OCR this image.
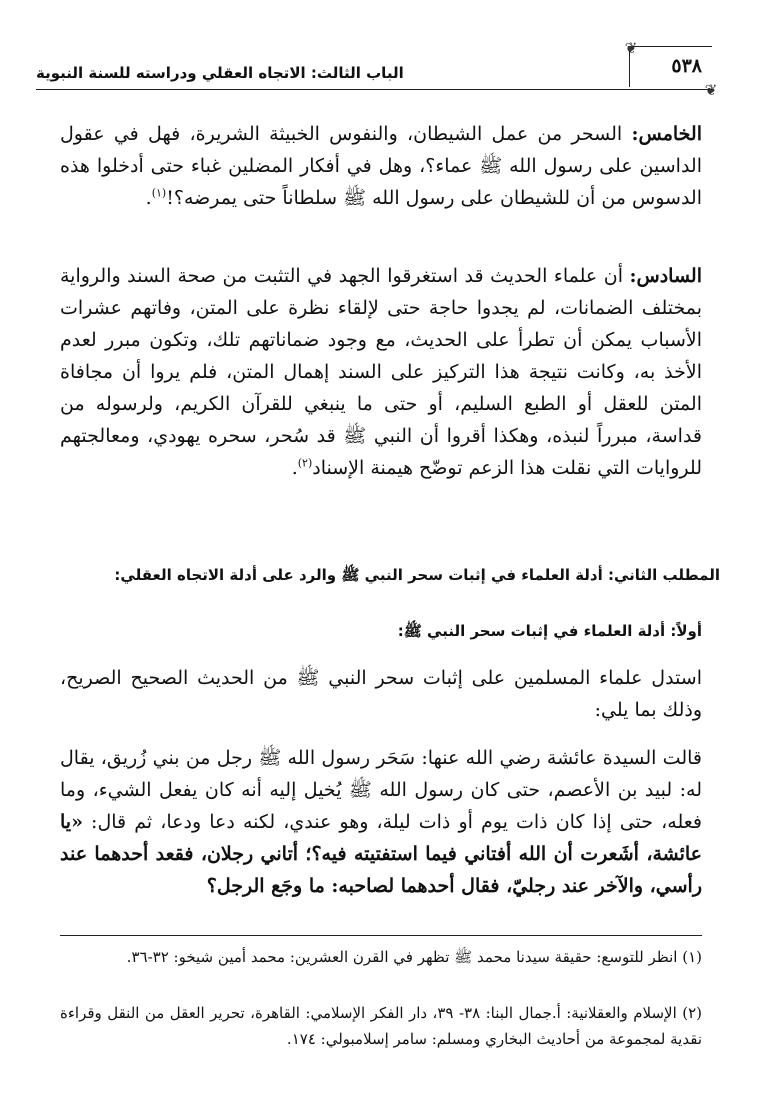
الباب الثالث: الاتجاه العقلي ودراسته للسنة النبوية
❦
❦
٥٣٨

الخامس: السحر من عمل الشيطان، والنفوس الخبيثة الشريرة، فهل في عقول الداسين على رسول الله ﷺ عماء؟، وهل في أفكار المضلين غباء حتى أدخلوا هذه الدسوس من أن للشيطان على رسول الله ﷺ سلطاناً حتى يمرضه؟!$^{(١)}$.

السادس: أن علماء الحديث قد استغرقوا الجهد في التثبت من صحة السند والرواية بمختلف الضمانات، لم يجدوا حاجة حتى لإلقاء نظرة على المتن، وفاتهم عشرات الأسباب يمكن أن تطرأ على الحديث، مع وجود ضماناتهم تلك، وتكون مبرر لعدم الأخذ به، وكانت نتيجة هذا التركيز على السند إهمال المتن، فلم يروا أن مجافاة المتن للعقل أو الطبع السليم، أو حتى ما ينبغي للقرآن الكريم، ولرسوله من قداسة، مبرراً لنبذه، وهكذا أقروا أن النبي ﷺ قد سُحر، سحره يهودي، ومعالجتهم للروايات التي نقلت هذا الزعم توضّح هيمنة الإسناد$^{(٢)}$.

المطلب الثاني: أدلة العلماء في إثبات سحر النبي ﷺ والرد على أدلة الاتجاه العقلي:
أولاً: أدلة العلماء في إثبات سحر النبي ﷺ:

استدل علماء المسلمين على إثبات سحر النبي ﷺ من الحديث الصحيح الصريح، وذلك بما يلي:

قالت السيدة عائشة رضي الله عنها: سَحَر رسول الله ﷺ رجل من بني زُريق، يقال له: لبيد بن الأعصم، حتى كان رسول الله ﷺ يُخيل إليه أنه كان يفعل الشيء، وما فعله، حتى إذا كان ذات يوم أو ذات ليلة، وهو عندي، لكنه دعا ودعا، ثم قال: «يا عائشة، أشَعرت أن الله أفتاني فيما استفتيته فيه؟؛ أتاني رجلان، فقعد أحدهما عند رأسي، والآخر عند رجليّ، فقال أحدهما لصاحبه: ما وجَع الرجل؟

(١) انظر للتوسع: حقيقة سيدنا محمد ﷺ تظهر في القرن العشرين: محمد أمين شيخو: ٣٢-٣٦.

(٢) الإسلام والعقلانية: أ.جمال البنا: ٣٨- ٣٩، دار الفكر الإسلامي: القاهرة، تحرير العقل من النقل وقراءة نقدية لمجموعة من أحاديث البخاري ومسلم: سامر إسلامبولي: ١٧٤.
